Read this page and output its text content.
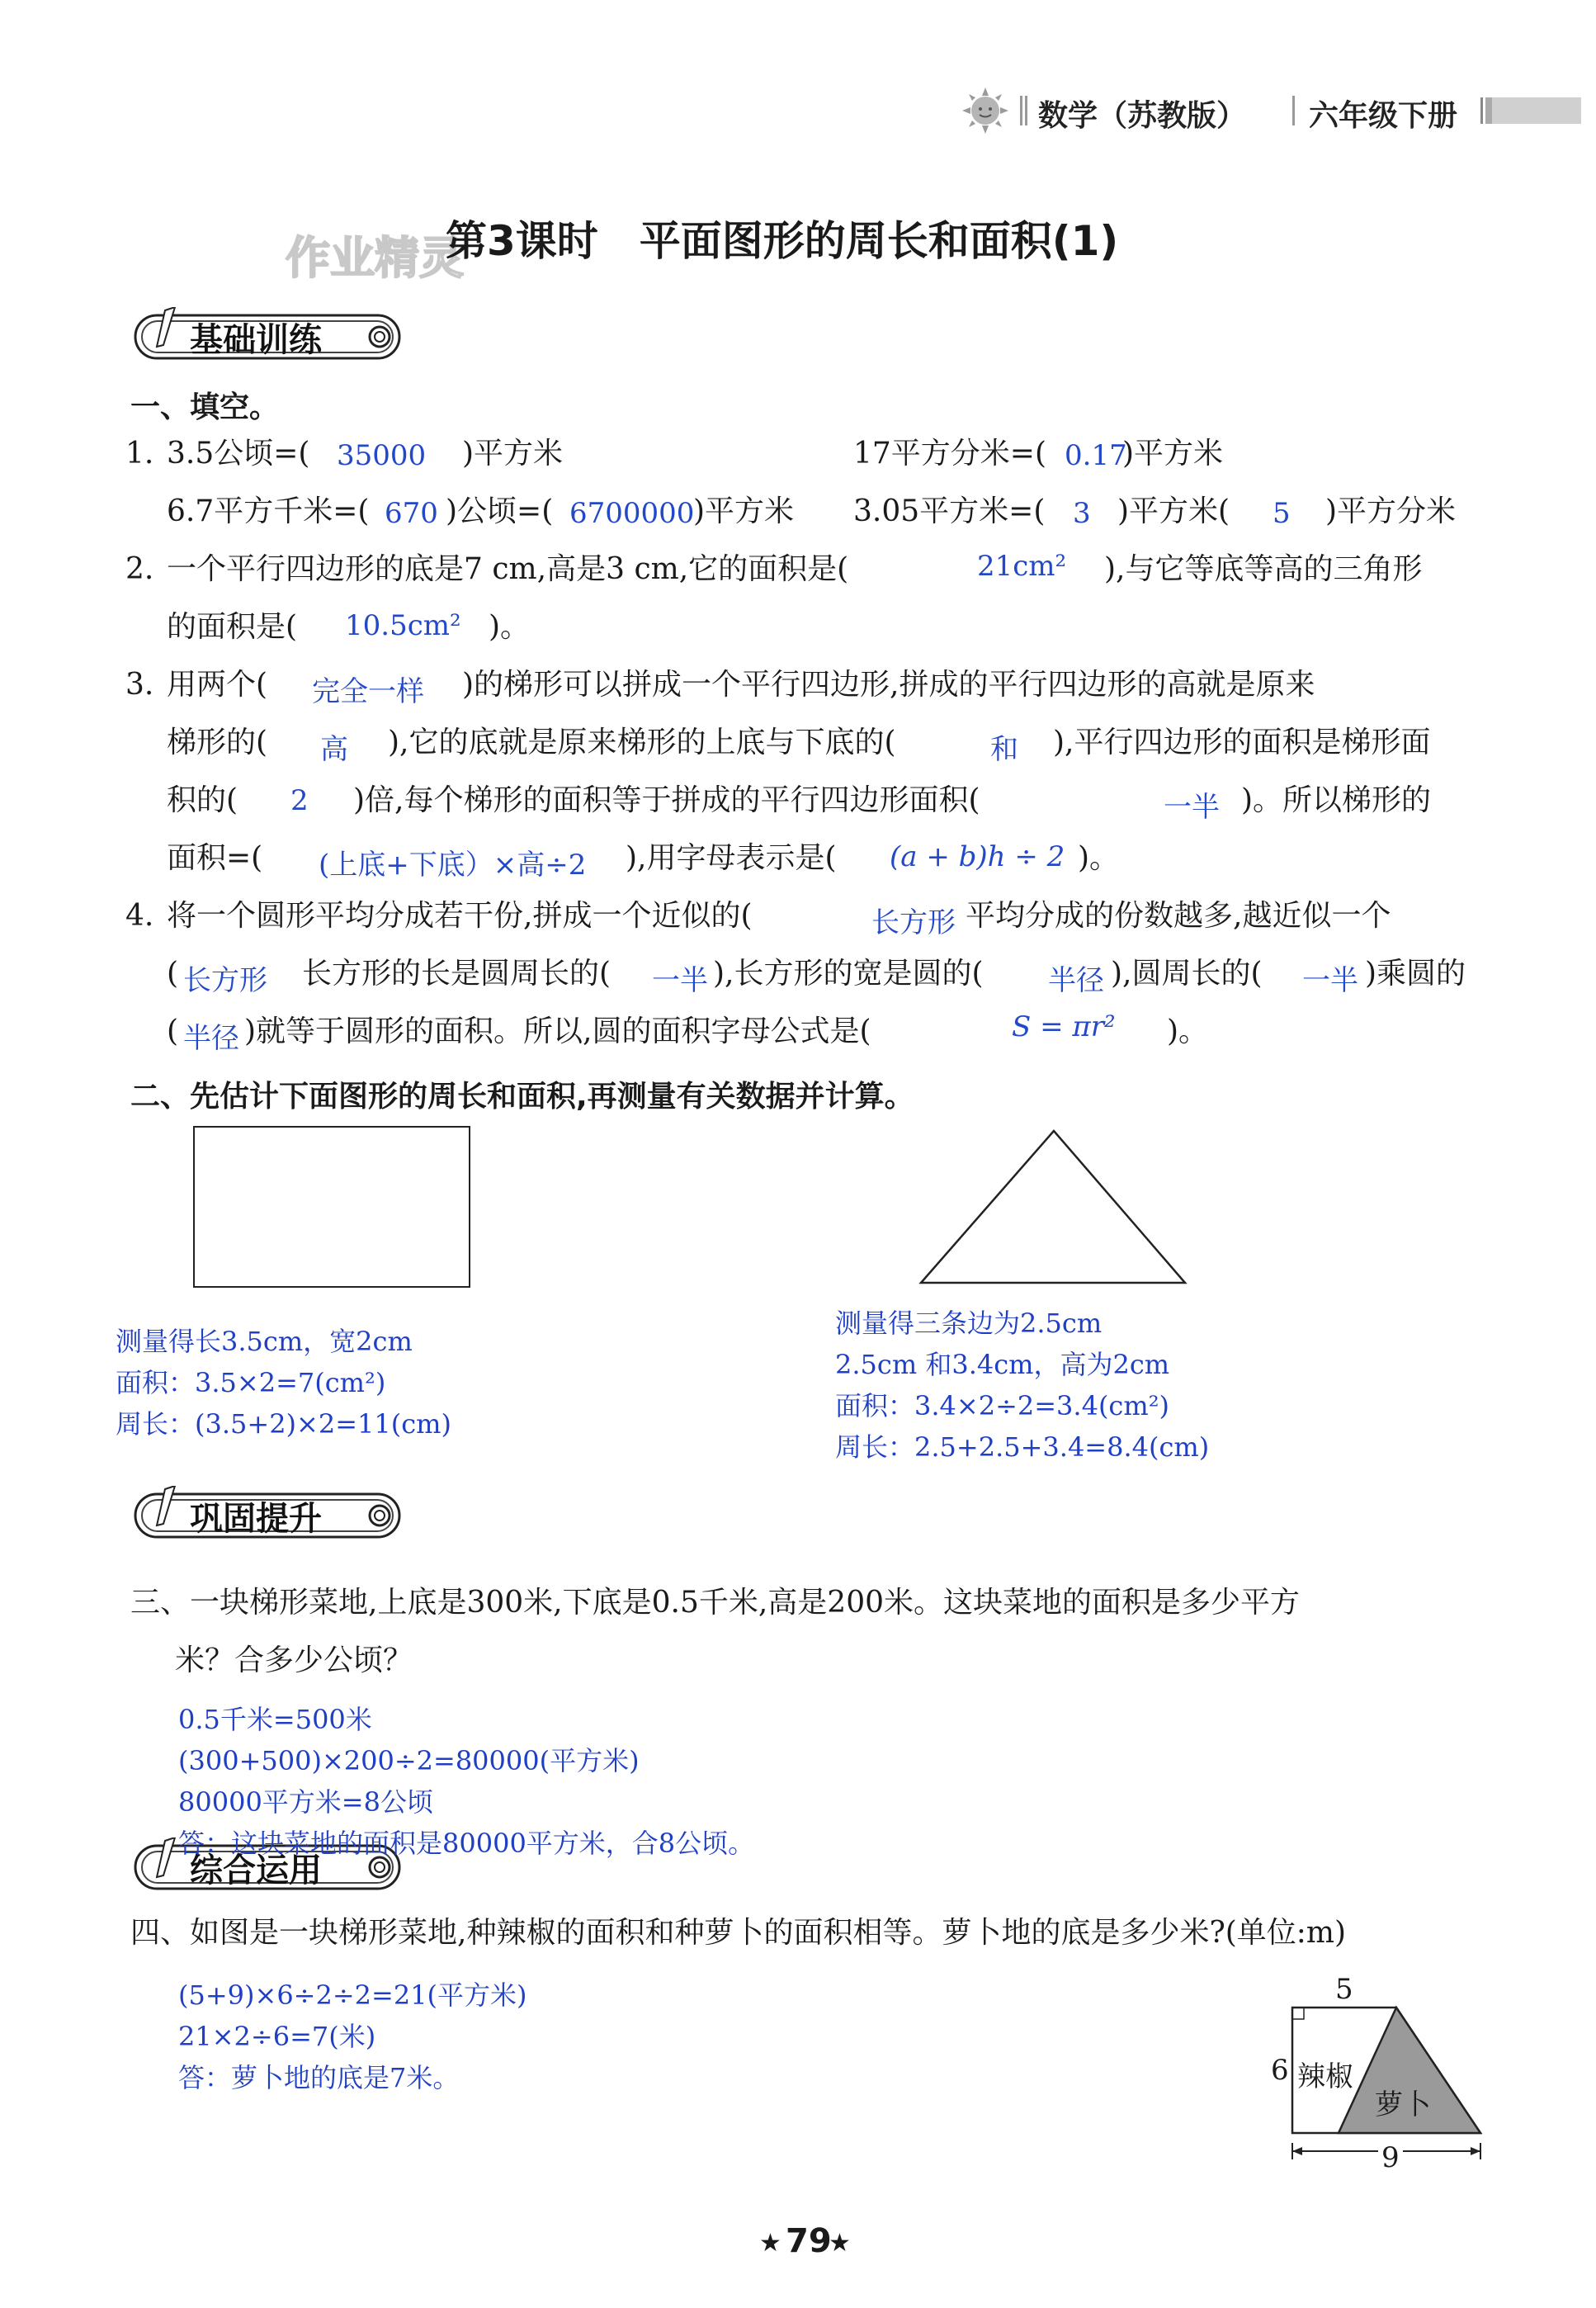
数学（苏教版） 六年级下册
作业精灵
第3课时　平面图形的周长和面积(1)
基础训练
一、填空。
1. 3.5公顷=( 35000 )平方米	17平方分米=( 0.17
)平方米
6.7平方千米=( 670 )公顷=( 6700000
)平方米 3.05平方米=( 3 )平方米( 5 )平方分米
2. 一个平行四边形的底是7 cm,高是3 cm,它的面积是(	21cm² ),与它等底等高的三角形
的面积是( 10.5cm² )。
3. 用两个( 完全一样 )的梯形可以拼成一个平行四边形,拼成的平行四边形的高就是原来
梯形的( 高 ),它的底就是原来梯形的上底与下底的(	和 ),平行四边形的面积是梯形面
积的( 2 )倍,每个梯形的面积等于拼成的平行四边形面积(	一半 )。所以梯形的
面积=( (上底+下底）×高÷2 ),用字母表示是( (a + b)h ÷ 2 )。
4. 将一个圆形平均分成若干份,拼成一个近似的(	长方形 平均分成的份数越多,越近似一个
( 长方形 长方形的长是圆周长的( 一半 ),长方形的宽是圆的( 半径 ),圆周长的( 一半 )乘圆的
( 半径 )就等于圆形的面积。所以,圆的面积字母公式是(	S = πr² )。
二、先估计下面图形的周长和面积,再测量有关数据并计算。
测量得长3.5cm，宽2cm
面积：3.5×2=7(cm²)
周长：(3.5+2)×2=11(cm)
测量得三条边为2.5cm
2.5cm 和3.4cm，高为2cm
面积：3.4×2÷2=3.4(cm²)
周长：2.5+2.5+3.4=8.4(cm)
巩固提升
三、一块梯形菜地,上底是300米,下底是0.5千米,高是200米。这块菜地的面积是多少平方
米？合多少公顷？
0.5千米=500米
(300+500)×200÷2=80000(平方米)
80000平方米=8公顷
综合运用
答：这块菜地的面积是80000平方米，合8公顷。
四、如图是一块梯形菜地,种辣椒的面积和种萝卜的面积相等。萝卜地的底是多少米?(单位:m)
(5+9)×6÷2÷2=21(平方米)
21×2÷6=7(米)
答：萝卜地的底是7米。
5
6
9
辣椒
萝卜
★ 79
★
